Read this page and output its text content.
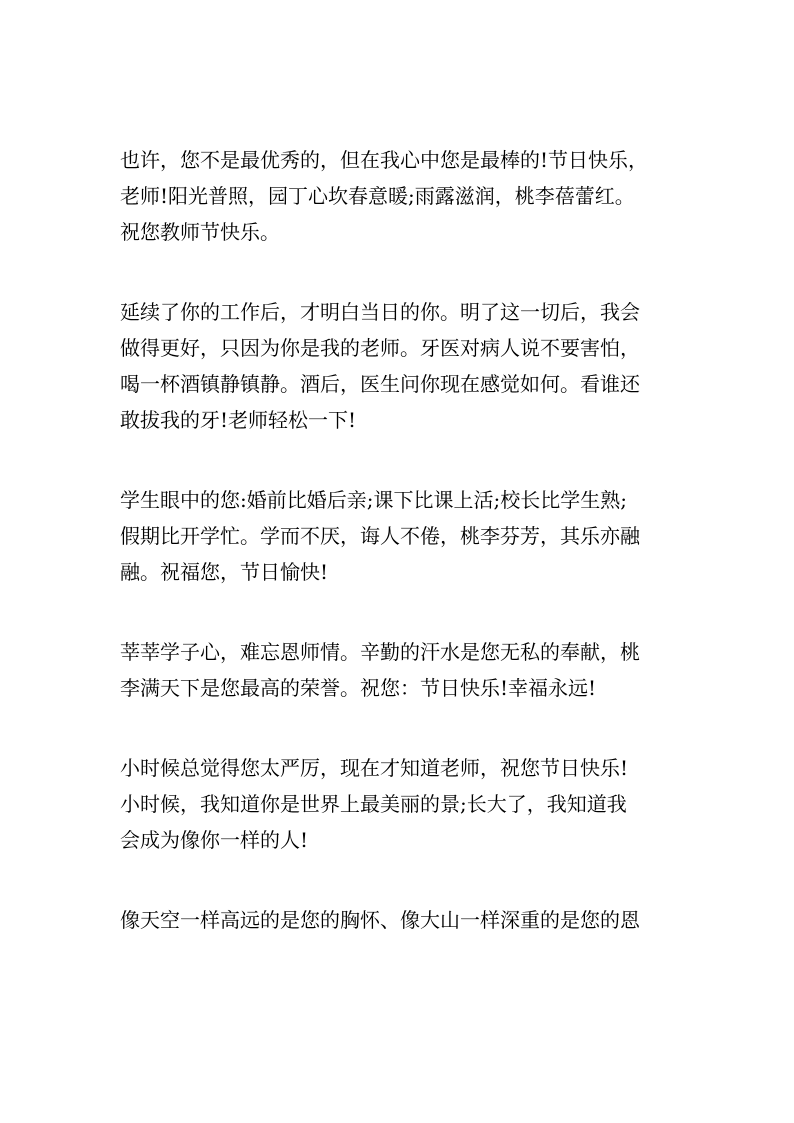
也许，您不是最优秀的，但在我心中您是最棒的!节日快乐，
老师!阳光普照，园丁心坎春意暖;雨露滋润，桃李蓓蕾红。
祝您教师节快乐。

延续了你的工作后，才明白当日的你。明了这一切后，我会
做得更好，只因为你是我的老师。牙医对病人说不要害怕，
喝一杯酒镇静镇静。酒后，医生问你现在感觉如何。看谁还
敢拔我的牙!老师轻松一下!

学生眼中的您:婚前比婚后亲;课下比课上活;校长比学生熟;
假期比开学忙。学而不厌，诲人不倦，桃李芬芳，其乐亦融
融。祝福您，节日愉快!

莘莘学子心，难忘恩师情。辛勤的汗水是您无私的奉献，桃
李满天下是您最高的荣誉。祝您：节日快乐!幸福永远!

小时候总觉得您太严厉，现在才知道老师，祝您节日快乐!
小时候，我知道你是世界上最美丽的景;长大了，我知道我
会成为像你一样的人!

像天空一样高远的是您的胸怀、像大山一样深重的是您的恩
